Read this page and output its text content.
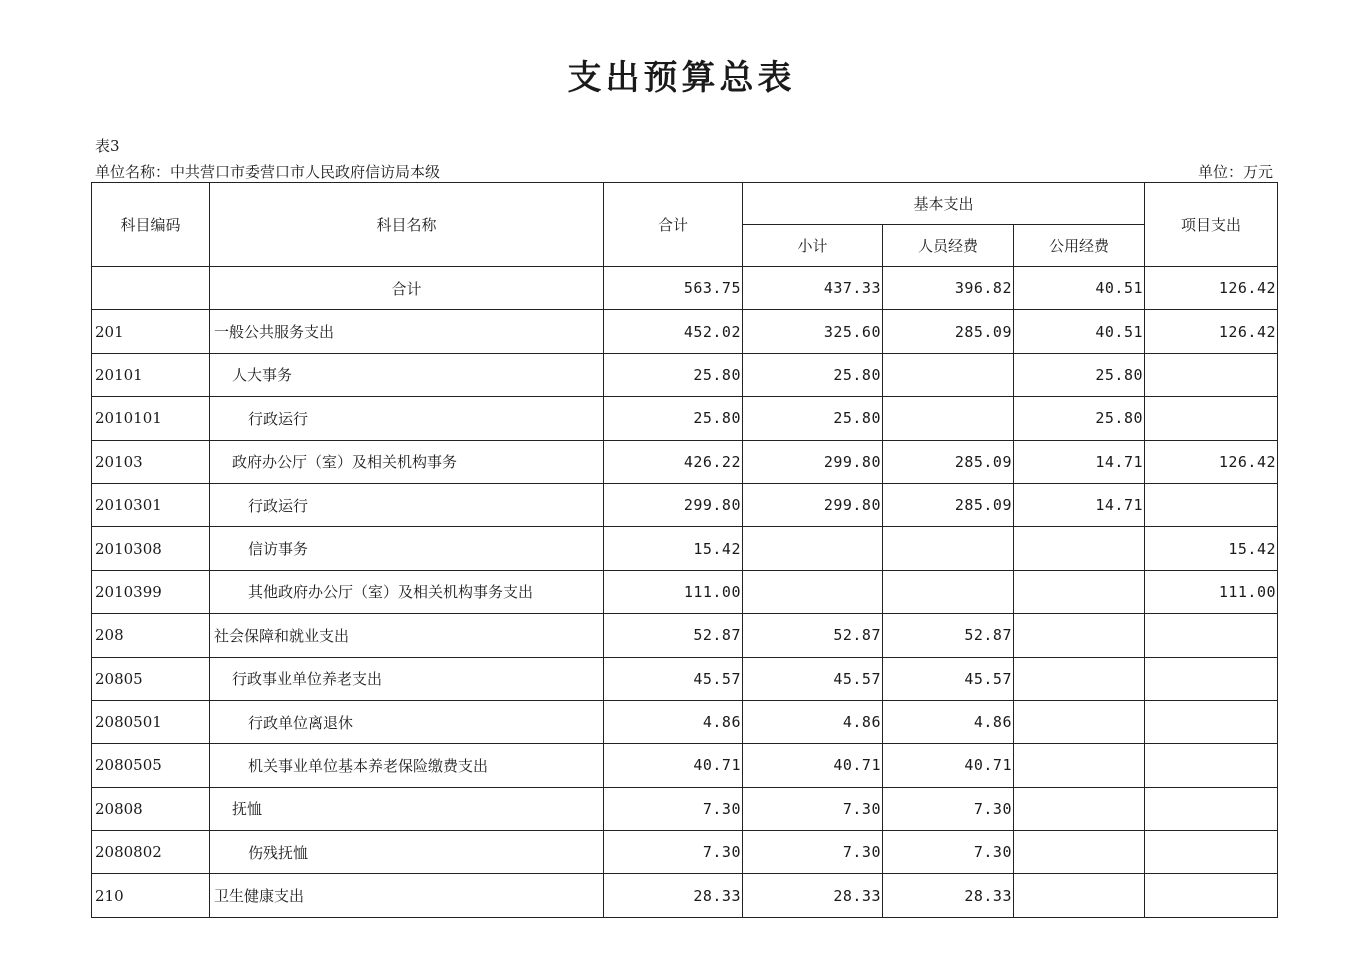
支出预算总表
表3
单位名称：中共营口市委营口市人民政府信访局本级	单位：万元
科目编码	科目名称	合计	基本支出			项目支出
			小计	人员经费	公用经费	
	合计	563.75	437.33	396.82	40.51	126.42
201	一般公共服务支出	452.02	325.60	285.09	40.51	126.42
20101	人大事务	25.80	25.80		25.80	
2010101	行政运行	25.80	25.80		25.80	
20103	政府办公厅（室）及相关机构事务	426.22	299.80	285.09	14.71	126.42
2010301	行政运行	299.80	299.80	285.09	14.71	
2010308	信访事务	15.42				15.42
2010399	其他政府办公厅（室）及相关机构事务支出	111.00				111.00
208	社会保障和就业支出	52.87	52.87	52.87		
20805	行政事业单位养老支出	45.57	45.57	45.57		
2080501	行政单位离退休	4.86	4.86	4.86		
2080505	机关事业单位基本养老保险缴费支出	40.71	40.71	40.71		
20808	抚恤	7.30	7.30	7.30		
2080802	伤残抚恤	7.30	7.30	7.30		
210	卫生健康支出	28.33	28.33	28.33		
